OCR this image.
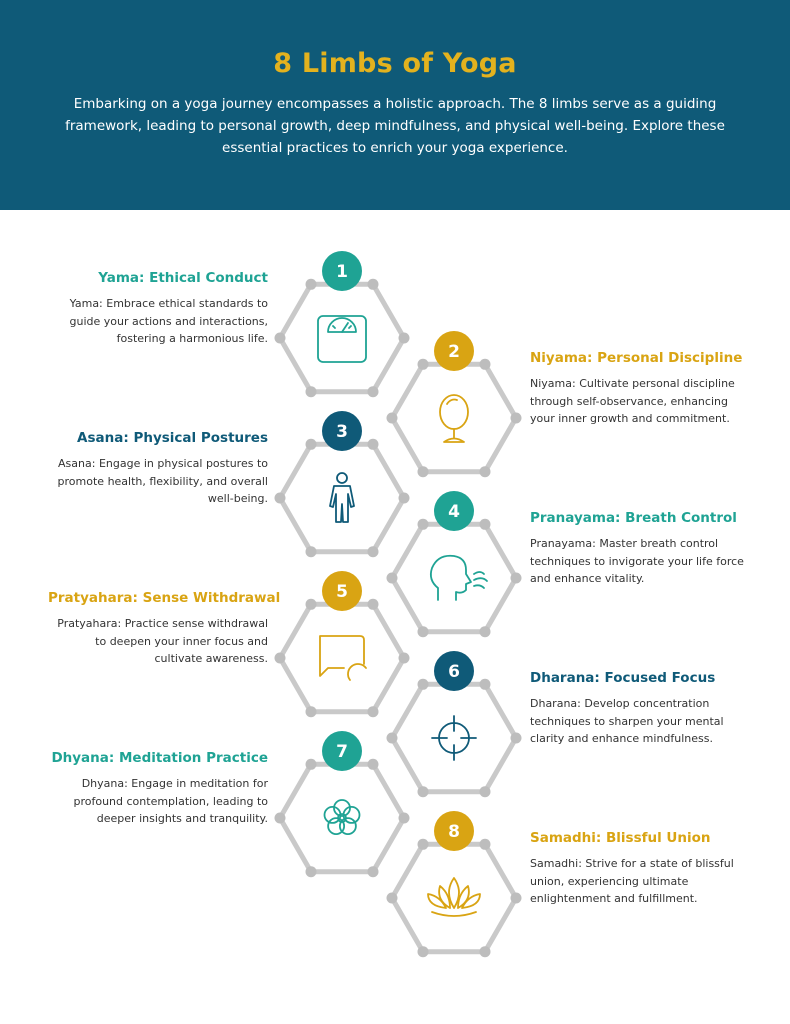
8 Limbs of Yoga

Embarking on a yoga journey encompasses a holistic approach. The 8 limbs serve as a guiding framework, leading to personal growth, deep mindfulness, and physical well-being. Explore these essential practices to enrich your yoga experience.

1
2
3
4
5
6
7
8
Yama: Ethical Conduct

Yama: Embrace ethical standards to guide your actions and interactions, fostering a harmonious life.

Niyama: Personal Discipline

Niyama: Cultivate personal discipline through self-observance, enhancing your inner growth and commitment.

Asana: Physical Postures

Asana: Engage in physical postures to promote health, flexibility, and overall well-being.

Pranayama: Breath Control

Pranayama: Master breath control techniques to invigorate your life force and enhance vitality.

Pratyahara: Sense Withdrawal

Pratyahara: Practice sense withdrawal to deepen your inner focus and cultivate awareness.

Dharana: Focused Focus

Dharana: Develop concentration techniques to sharpen your mental clarity and enhance mindfulness.

Dhyana: Meditation Practice

Dhyana: Engage in meditation for profound contemplation, leading to deeper insights and tranquility.

Samadhi: Blissful Union

Samadhi: Strive for a state of blissful union, experiencing ultimate enlightenment and fulfillment.
